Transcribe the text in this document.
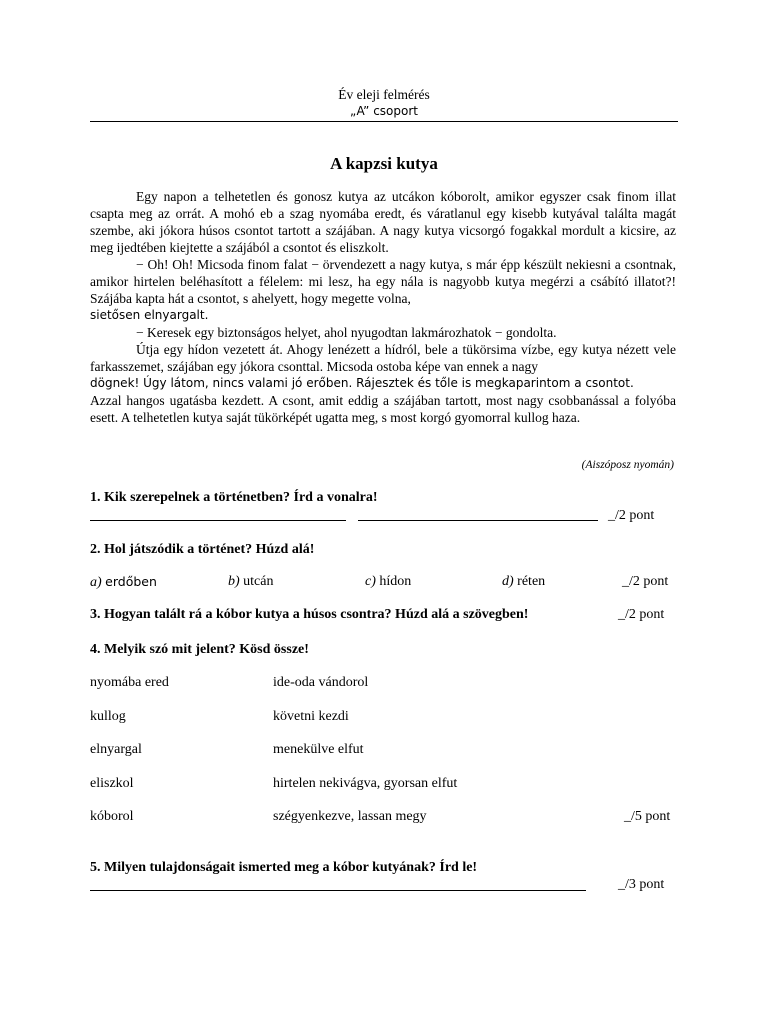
Év eleji felmérés
„A” csoport
A kapzsi kutya

Egy napon a telhetetlen és gonosz kutya az utcákon kóborolt, amikor egyszer csak finom illat csapta meg az orrát. A mohó eb a szag nyomába eredt, és váratlanul egy kisebb kutyával találta magát szembe, aki jókora húsos csontot tartott a szájában. A nagy kutya vicsorgó fogakkal mordult a kicsire, az meg ijedtében kiejtette a szájából a csontot és eliszkolt.

− Oh! Oh! Micsoda finom falat − örvendezett a nagy kutya, s már épp készült nekiesni a csontnak, amikor hirtelen beléhasított a félelem: mi lesz, ha egy nála is nagyobb kutya megérzi a csábító illatot?! Szájába kapta hát a csontot, s ahelyett, hogy megette volna,

sietősen elnyargalt.

− Keresek egy biztonságos helyet, ahol nyugodtan lakmározhatok − gondolta.

Útja egy hídon vezetett át. Ahogy lenézett a hídról, bele a tükörsima vízbe, egy kutya nézett vele farkasszemet, szájában egy jókora csonttal. Micsoda ostoba képe van ennek a nagy

dögnek! Úgy látom, nincs valami jó erőben. Rájesztek és tőle is megkaparintom a csontot.

Azzal hangos ugatásba kezdett. A csont, amit eddig a szájában tartott, most nagy csobbanással a folyóba esett. A telhetetlen kutya saját tükörképét ugatta meg, s most korgó gyomorral kullog haza.

(Aiszóposz nyomán)
1. Kik szerepelnek a történetben? Írd a vonalra!
_/2 pont
2. Hol játszódik a történet? Húzd alá!
a) erdőben	b) utcán	c) hídon	d) réten	_/2 pont
3. Hogyan talált rá a kóbor kutya a húsos csontra? Húzd alá a szövegben!	_/2 pont
4. Melyik szó mit jelent? Kösd össze!
nyomába ered	ide-oda vándorol
kullog	követni kezdi
elnyargal	menekülve elfut
eliszkol	hirtelen nekivágva, gyorsan elfut
kóborol	szégyenkezve, lassan megy	_/5 pont
5. Milyen tulajdonságait ismerted meg a kóbor kutyának? Írd le!
_/3 pont
